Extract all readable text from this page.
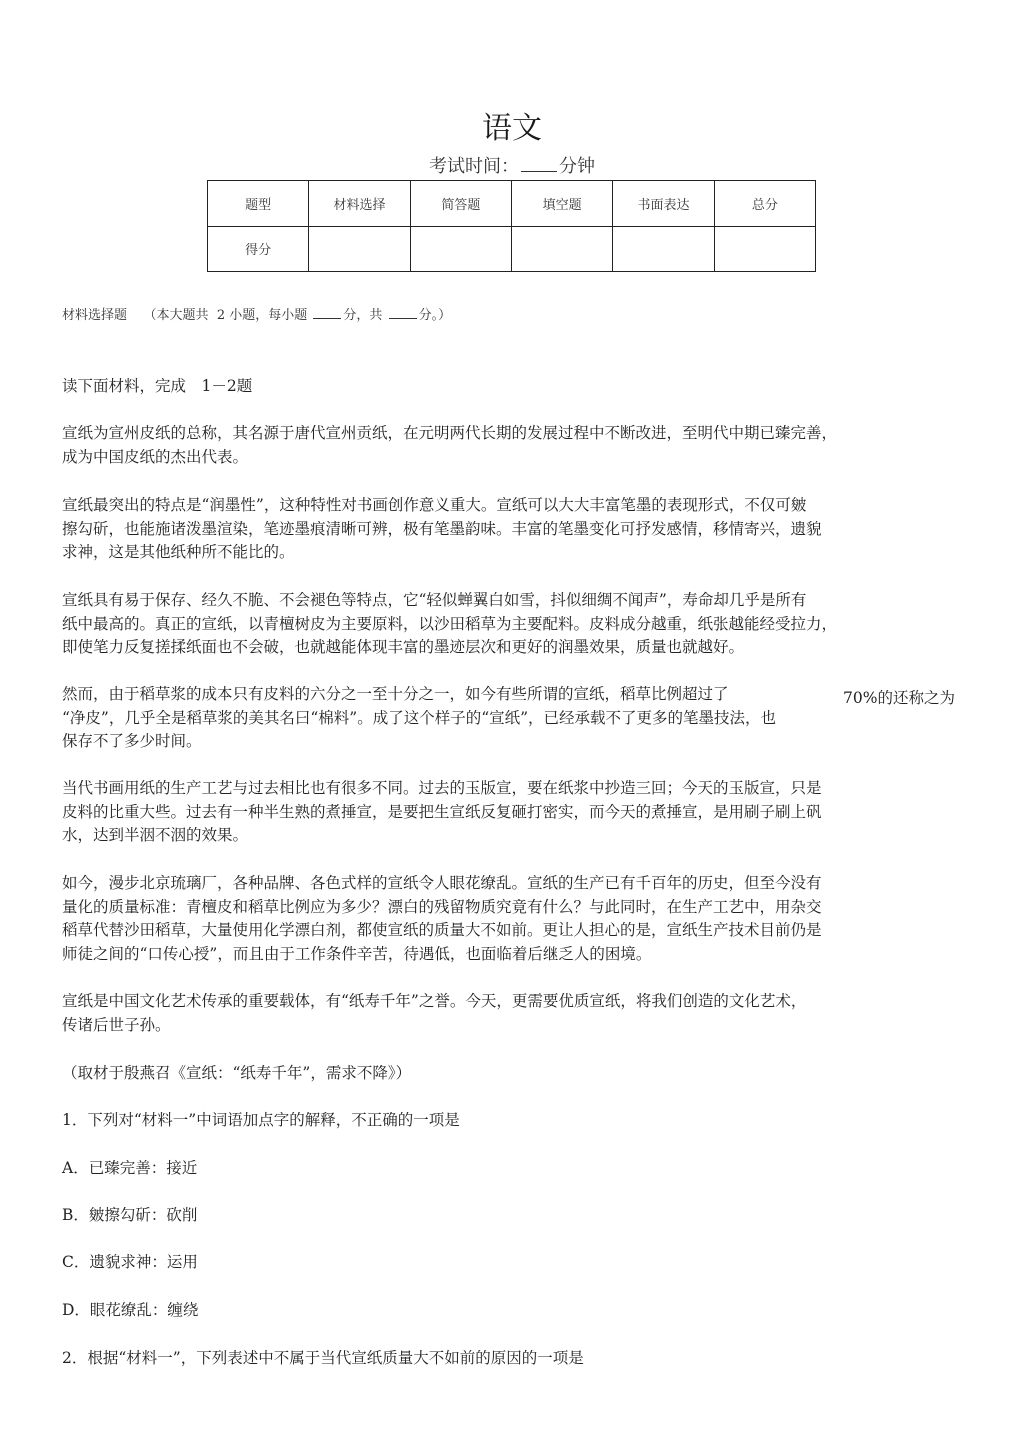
语文
考试时间： 分钟
题型	材料选择	简答题	填空题	书面表达	总分
得分					
材料选择题 （本大题共 2 小题，每小题	分，共	分。）
读下面材料，完成　1－2题

宣纸为宣州皮纸的总称，其名源于唐代宣州贡纸，在元明两代长期的发展过程中不断改进，至明代中期已臻完善，

成为中国皮纸的杰出代表。

宣纸最突出的特点是“润墨性”，这种特性对书画创作意义重大。宣纸可以大大丰富笔墨的表现形式，不仅可皴

擦勾斫，也能施诸泼墨渲染，笔迹墨痕清晰可辨，极有笔墨韵味。丰富的笔墨变化可抒发感情，移情寄兴，遗貌

求神，这是其他纸种所不能比的。

宣纸具有易于保存、经久不脆、不会褪色等特点，它“轻似蝉翼白如雪，抖似细绸不闻声”，寿命却几乎是所有

纸中最高的。真正的宣纸，以青檀树皮为主要原料，以沙田稻草为主要配料。皮料成分越重，纸张越能经受拉力，

即使笔力反复搓揉纸面也不会破，也就越能体现丰富的墨迹层次和更好的润墨效果，质量也就越好。

然而，由于稻草浆的成本只有皮料的六分之一至十分之一，如今有些所谓的宣纸，稻草比例超过了

“净皮”，几乎全是稻草浆的美其名曰“棉料”。成了这个样子的“宣纸”，已经承载不了更多的笔墨技法，也

保存不了多少时间。

70%的还称之为

当代书画用纸的生产工艺与过去相比也有很多不同。过去的玉版宣，要在纸浆中抄造三回；今天的玉版宣，只是

皮料的比重大些。过去有一种半生熟的煮捶宣，是要把生宣纸反复砸打密实，而今天的煮捶宣，是用刷子刷上矾

水，达到半洇不洇的效果。

如今，漫步北京琉璃厂，各种品牌、各色式样的宣纸令人眼花缭乱。宣纸的生产已有千百年的历史，但至今没有

量化的质量标准：青檀皮和稻草比例应为多少？漂白的残留物质究竟有什么？与此同时，在生产工艺中，用杂交

稻草代替沙田稻草，大量使用化学漂白剂，都使宣纸的质量大不如前。更让人担心的是，宣纸生产技术目前仍是

师徒之间的“口传心授”，而且由于工作条件辛苦，待遇低，也面临着后继乏人的困境。

宣纸是中国文化艺术传承的重要载体，有“纸寿千年”之誉。今天，更需要优质宣纸，将我们创造的文化艺术，

传诸后世子孙。

（取材于殷燕召《宣纸：“纸寿千年”，需求不降》）
1．下列对“材料一”中词语加点字的解释，不正确的一项是
A．已臻完善：接近
B．皴擦勾斫：砍削
C．遗貌求神：运用
D．眼花缭乱：缠绕
2．根据“材料一”，下列表述中不属于当代宣纸质量大不如前的原因的一项是
